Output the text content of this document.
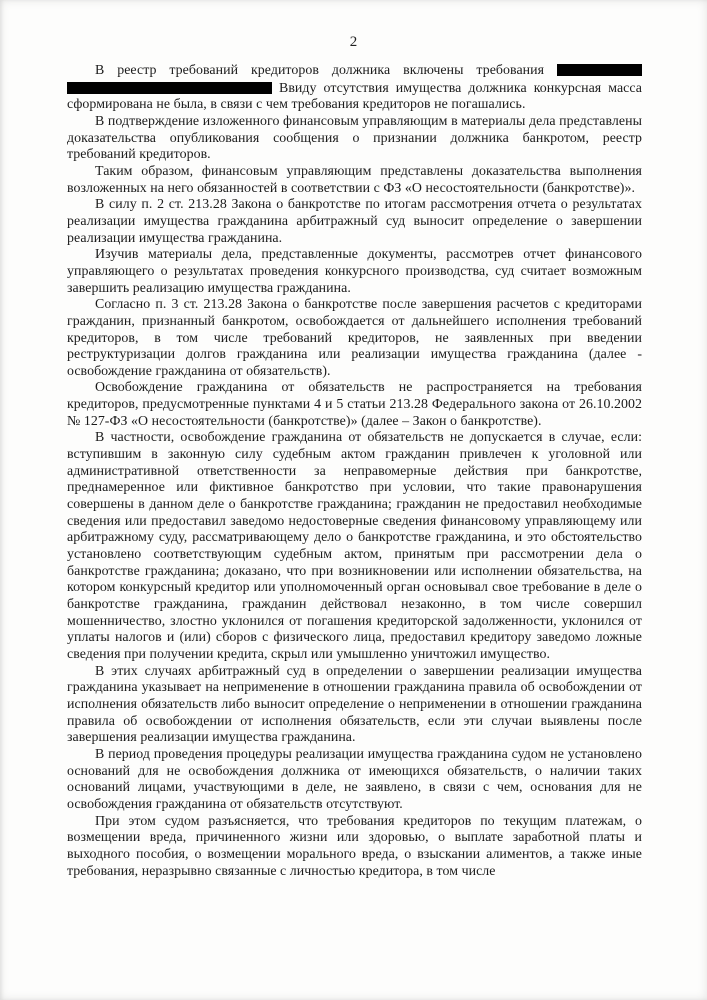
2

В реестр требований кредиторов должника включены требования   Ввиду отсутствия имущества должника конкурсная масса сформирована не была, в связи с чем требования кредиторов не погашались.

В подтверждение изложенного финансовым управляющим в материалы дела представлены доказательства опубликования сообщения о признании должника банкротом, реестр требований кредиторов.

Таким образом, финансовым управляющим представлены доказательства выполнения возложенных на него обязанностей в соответствии с ФЗ «О несостоятельности (банкротстве)».

В силу п. 2 ст. 213.28 Закона о банкротстве по итогам рассмотрения отчета о результатах реализации имущества гражданина арбитражный суд выносит определение о завершении реализации имущества гражданина.

Изучив материалы дела, представленные документы, рассмотрев отчет финансового управляющего о результатах проведения конкурсного производства, суд считает возможным завершить реализацию имущества гражданина.

Согласно п. 3 ст. 213.28 Закона о банкротстве после завершения расчетов с кредиторами гражданин, признанный банкротом, освобождается от дальнейшего исполнения требований кредиторов, в том числе требований кредиторов, не заявленных при введении реструктуризации долгов гражданина или реализации имущества гражданина (далее - освобождение гражданина от обязательств).

Освобождение гражданина от обязательств не распространяется на требования кредиторов, предусмотренные пунктами 4 и 5 статьи 213.28 Федерального закона от 26.10.2002 № 127-ФЗ «О несостоятельности (банкротстве)» (далее – Закон о банкротстве).

В частности, освобождение гражданина от обязательств не допускается в случае, если: вступившим в законную силу судебным актом гражданин привлечен к уголовной или административной ответственности за неправомерные действия при банкротстве, преднамеренное или фиктивное банкротство при условии, что такие правонарушения совершены в данном деле о банкротстве гражданина; гражданин не предоставил необходимые сведения или предоставил заведомо недостоверные сведения финансовому управляющему или арбитражному суду, рассматривающему дело о банкротстве гражданина, и это обстоятельство установлено соответствующим судебным актом, принятым при рассмотрении дела о банкротстве гражданина; доказано, что при возникновении или исполнении обязательства, на котором конкурсный кредитор или уполномоченный орган основывал свое требование в деле о банкротстве гражданина, гражданин действовал незаконно, в том числе совершил мошенничество, злостно уклонился от погашения кредиторской задолженности, уклонился от уплаты налогов и (или) сборов с физического лица, предоставил кредитору заведомо ложные сведения при получении кредита, скрыл или умышленно уничтожил имущество.

В этих случаях арбитражный суд в определении о завершении реализации имущества гражданина указывает на неприменение в отношении гражданина правила об освобождении от исполнения обязательств либо выносит определение о неприменении в отношении гражданина правила об освобождении от исполнения обязательств, если эти случаи выявлены после завершения реализации имущества гражданина.

В период проведения процедуры реализации имущества гражданина судом не установлено оснований для не освобождения должника от имеющихся обязательств, о наличии таких оснований лицами, участвующими в деле, не заявлено, в связи с чем, основания для не освобождения гражданина от обязательств отсутствуют.

При этом судом разъясняется, что требования кредиторов по текущим платежам, о возмещении вреда, причиненного жизни или здоровью, о выплате заработной платы и выходного пособия, о возмещении морального вреда, о взыскании алиментов, а также иные требования, неразрывно связанные с личностью кредитора, в том числе
